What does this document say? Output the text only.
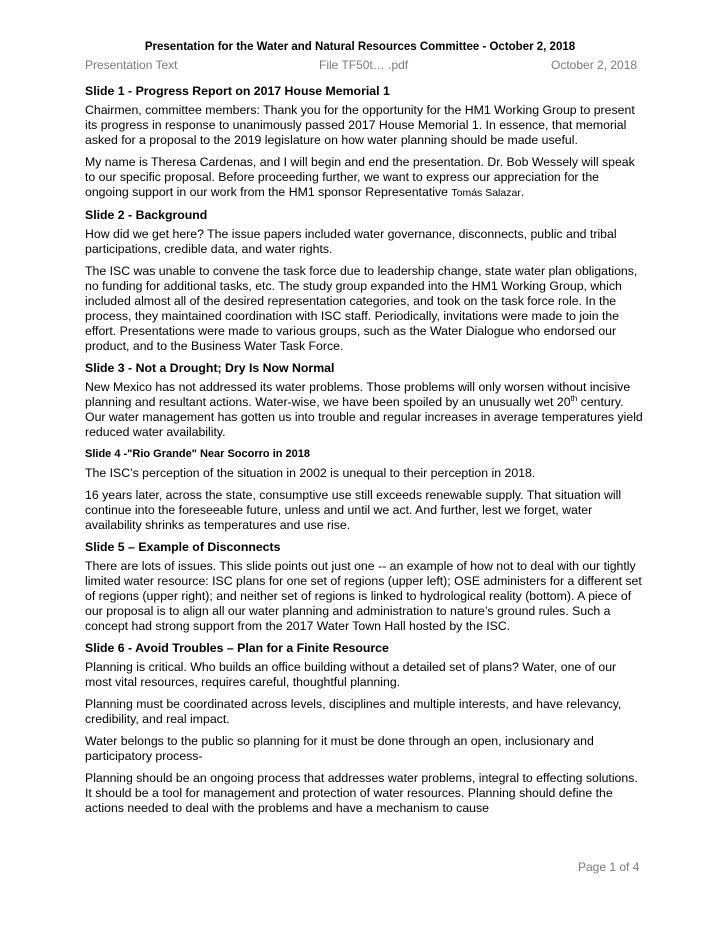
Presentation for the Water and Natural Resources Committee - October 2, 2018
Presentation Text	File TF50t… .pdf	October 2, 2018
Slide 1 - Progress Report on 2017 House Memorial 1
Chairmen, committee members: Thank you for the opportunity for the HM1 Working Group to present its progress in response to unanimously passed 2017 House Memorial 1. In essence, that memorial asked for a proposal to the 2019 legislature on how water planning should be made useful.
My name is Theresa Cardenas, and I will begin and end the presentation. Dr. Bob Wessely will speak to our specific proposal. Before proceeding further, we want to express our appreciation for the ongoing support in our work from the HM1 sponsor Representative Tomás Salazar.
Slide 2 - Background
How did we get here? The issue papers included water governance, disconnects, public and tribal participations, credible data, and water rights.
The ISC was unable to convene the task force due to leadership change, state water plan obligations, no funding for additional tasks, etc. The study group expanded into the HM1 Working Group, which included almost all of the desired representation categories, and took on the task force role. In the process, they maintained coordination with ISC staff. Periodically, invitations were made to join the effort. Presentations were made to various groups, such as the Water Dialogue who endorsed our product, and to the Business Water Task Force.
Slide 3 - Not a Drought; Dry Is Now Normal
New Mexico has not addressed its water problems. Those problems will only worsen without incisive planning and resultant actions. Water-wise, we have been spoiled by an unusually wet 20th century. Our water management has gotten us into trouble and regular increases in average temperatures yield reduced water availability.
Slide 4 -"Rio Grande" Near Socorro in 2018
The ISC’s perception of the situation in 2002 is unequal to their perception in 2018.
16 years later, across the state, consumptive use still exceeds renewable supply. That situation will continue into the foreseeable future, unless and until we act. And further, lest we forget, water availability shrinks as temperatures and use rise.
Slide 5 – Example of Disconnects
There are lots of issues. This slide points out just one -- an example of how not to deal with our tightly limited water resource: ISC plans for one set of regions (upper left); OSE administers for a different set of regions (upper right); and neither set of regions is linked to hydrological reality (bottom). A piece of our proposal is to align all our water planning and administration to nature’s ground rules. Such a concept had strong support from the 2017 Water Town Hall hosted by the ISC.
Slide 6 - Avoid Troubles – Plan for a Finite Resource
Planning is critical. Who builds an office building without a detailed set of plans? Water, one of our most vital resources, requires careful, thoughtful planning.
Planning must be coordinated across levels, disciplines and multiple interests, and have relevancy, credibility, and real impact.
Water belongs to the public so planning for it must be done through an open, inclusionary and participatory process-
Planning should be an ongoing process that addresses water problems, integral to effecting solutions. It should be a tool for management and protection of water resources. Planning should define the actions needed to deal with the problems and have a mechanism to cause
Page 1 of 4
